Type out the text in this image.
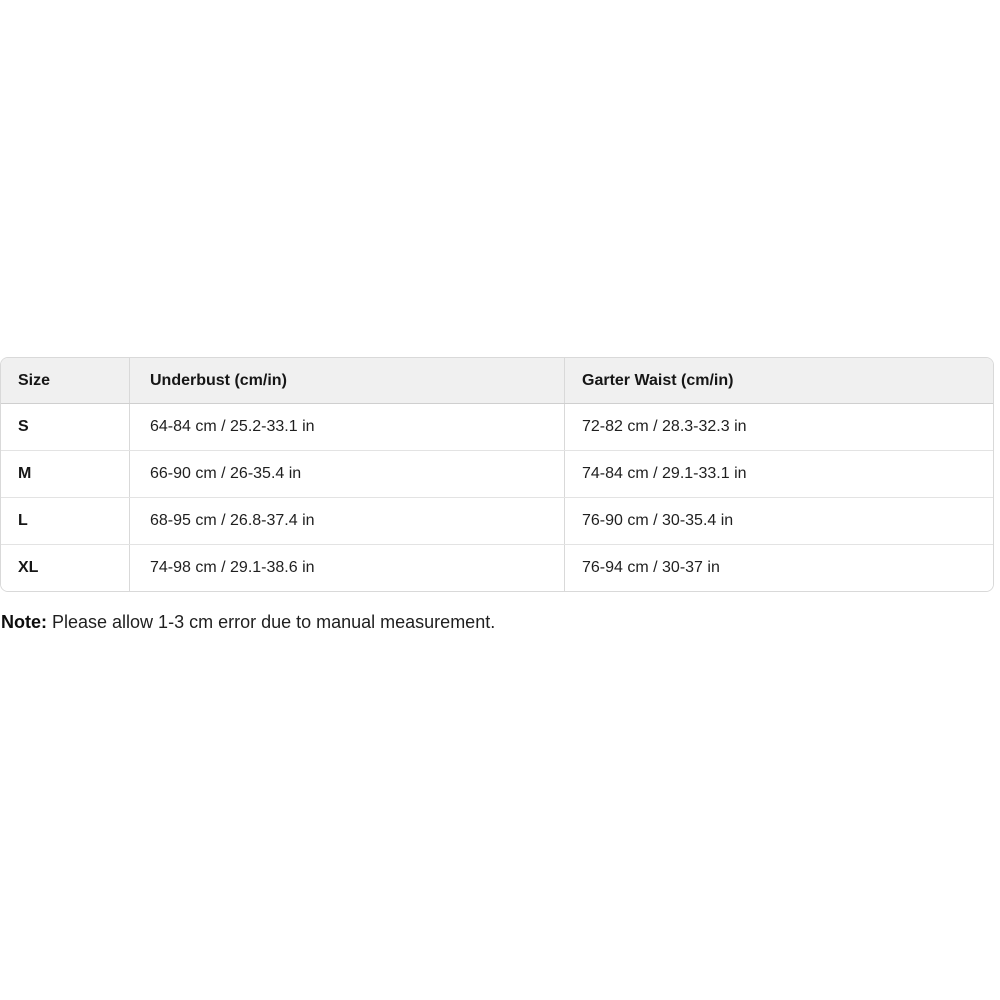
Size	Underbust (cm/in)	Garter Waist (cm/in)
S	64-84 cm / 25.2-33.1 in	72-82 cm / 28.3-32.3 in
M	66-90 cm / 26-35.4 in	74-84 cm / 29.1-33.1 in
L	68-95 cm / 26.8-37.4 in	76-90 cm / 30-35.4 in
XL	74-98 cm / 29.1-38.6 in	76-94 cm / 30-37 in
Note: Please allow 1-3 cm error due to manual measurement.
